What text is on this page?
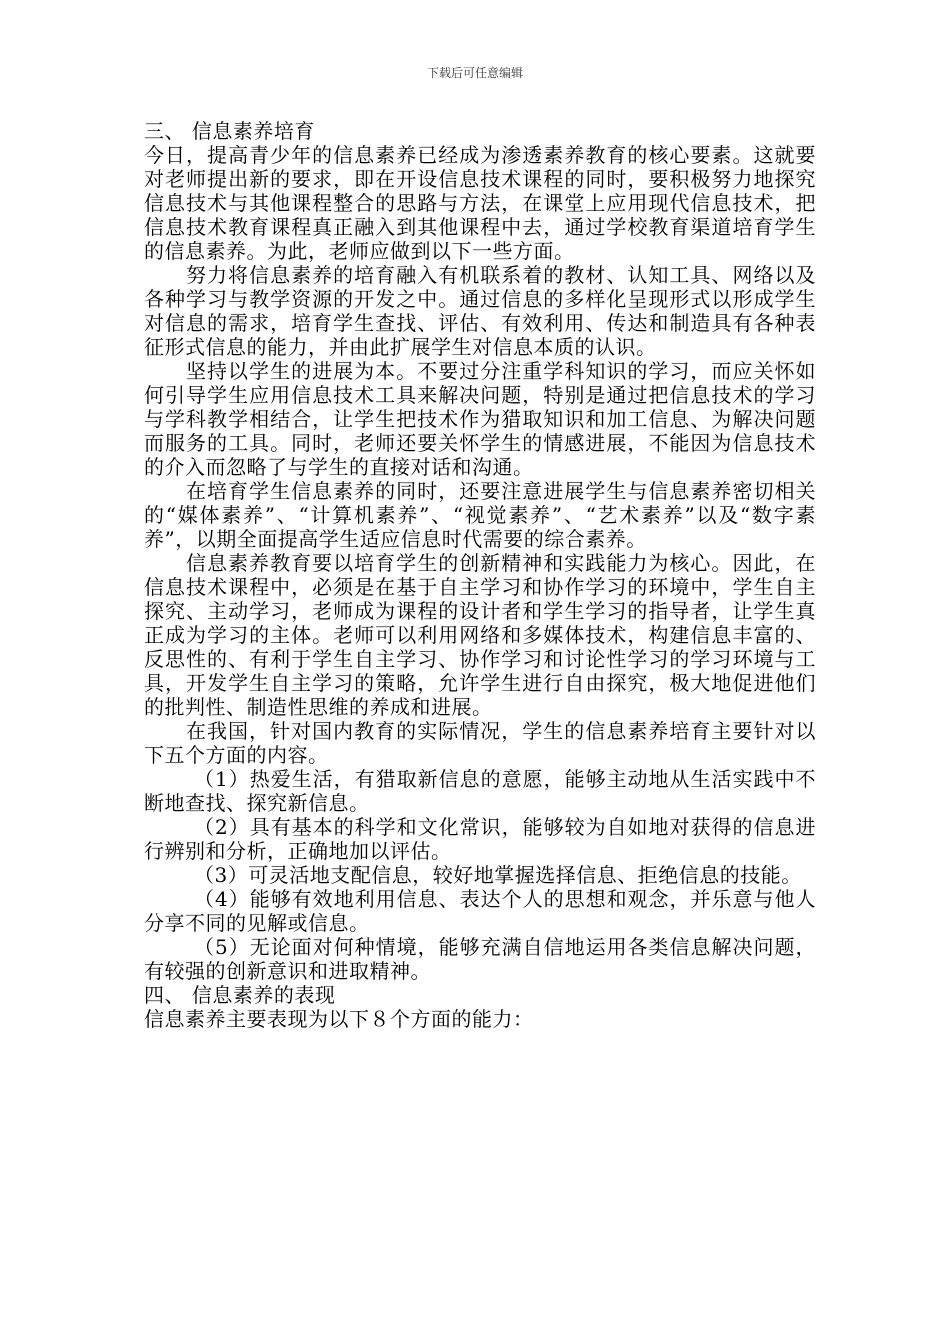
下载后可任意编辑

三、 信息素养培育

今日，提高青少年的信息素养已经成为渗透素养教育的核心要素。这就要对老师提出新的要求，即在开设信息技术课程的同时，要积极努力地探究信息技术与其他课程整合的思路与方法，在课堂上应用现代信息技术，把信息技术教育课程真正融入到其他课程中去，通过学校教育渠道培育学生的信息素养。为此，老师应做到以下一些方面。

努力将信息素养的培育融入有机联系着的教材、认知工具、网络以及各种学习与教学资源的开发之中。通过信息的多样化呈现形式以形成学生对信息的需求，培育学生查找、评估、有效利用、传达和制造具有各种表征形式信息的能力，并由此扩展学生对信息本质的认识。

坚持以学生的进展为本。不要过分注重学科知识的学习，而应关怀如何引导学生应用信息技术工具来解决问题，特别是通过把信息技术的学习与学科教学相结合，让学生把技术作为猎取知识和加工信息、为解决问题而服务的工具。同时，老师还要关怀学生的情感进展，不能因为信息技术的介入而忽略了与学生的直接对话和沟通。

在培育学生信息素养的同时，还要注意进展学生与信息素养密切相关的“媒体素养”、“计算机素养”、“视觉素养”、“艺术素养”以及“数字素养”，以期全面提高学生适应信息时代需要的综合素养。

信息素养教育要以培育学生的创新精神和实践能力为核心。因此，在信息技术课程中，必须是在基于自主学习和协作学习的环境中，学生自主探究、主动学习，老师成为课程的设计者和学生学习的指导者，让学生真正成为学习的主体。老师可以利用网络和多媒体技术，构建信息丰富的、反思性的、有利于学生自主学习、协作学习和讨论性学习的学习环境与工具，开发学生自主学习的策略，允许学生进行自由探究，极大地促进他们的批判性、制造性思维的养成和进展。

在我国，针对国内教育的实际情况，学生的信息素养培育主要针对以下五个方面的内容。

（1）热爱生活，有猎取新信息的意愿，能够主动地从生活实践中不断地查找、探究新信息。

（2）具有基本的科学和文化常识，能够较为自如地对获得的信息进行辨别和分析，正确地加以评估。

（3）可灵活地支配信息，较好地掌握选择信息、拒绝信息的技能。

（4）能够有效地利用信息、表达个人的思想和观念，并乐意与他人分享不同的见解或信息。

（5）无论面对何种情境，能够充满自信地运用各类信息解决问题，有较强的创新意识和进取精神。

四、 信息素养的表现

信息素养主要表现为以下８个方面的能力：
